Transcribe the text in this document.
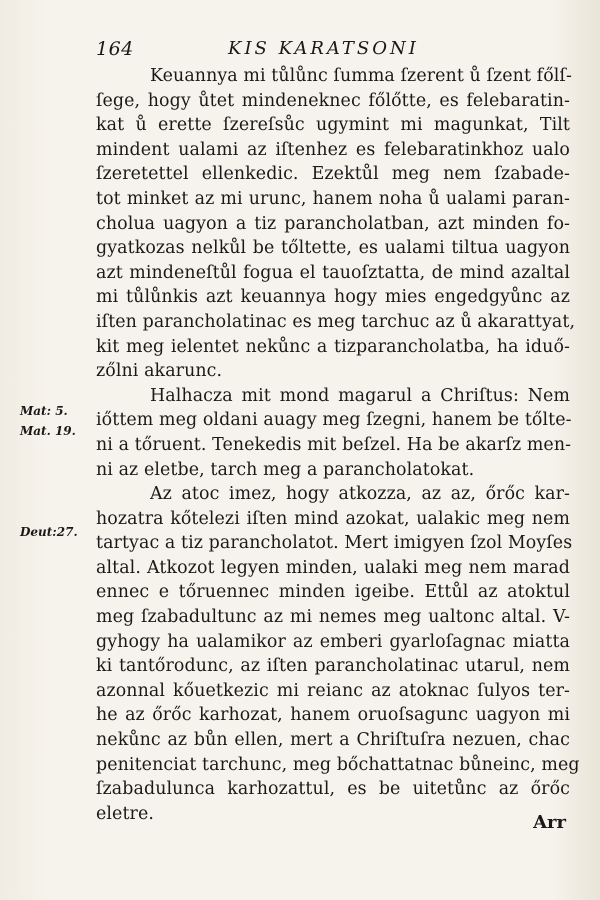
164	KIS KARATSONI
Mat: 5.
Mat. 19.
Deut:27.
Keuannya mi tůlůnc ſumma ſzerent ů ſzent főlſ-
ſege, hogy ůtet mindeneknec főlőtte, es felebaratin-
kat ů erette ſzereſsůc ugymint mi magunkat, Tilt
mindent ualami az iſtenhez es felebaratinkhoz ualo
ſzeretettel ellenkedic. Ezektůl meg nem ſzabade-
tot minket az mi urunc, hanem noha ů ualami paran-
cholua uagyon a tiz parancholatban, azt minden fo-
gyatkozas nelkůl be tőltette, es ualami tiltua uagyon
azt mindeneſtůl fogua el tauoſztatta, de mind azaltal
mi tůlůnkis azt keuannya hogy mies engedgyůnc az
iſten parancholatinac es meg tarchuc az ů akarattyat,
kit meg ielentet nekůnc a tizparancholatba, ha iduő-
zőlni akarunc.
Halhacza mit mond magarul a Chriſtus: Nem
iőttem meg oldani auagy meg ſzegni, hanem be tőlte-
ni a tőruent. Tenekedis mit beſzel. Ha be akarſz men-
ni az eletbe, tarch meg a parancholatokat.
Az atoc imez, hogy atkozza, az az, őrőc kar-
hozatra kőtelezi iſten mind azokat, ualakic meg nem
tartyac a tiz parancholatot. Mert imigyen ſzol Moyſes
altal. Atkozot legyen minden, ualaki meg nem marad
ennec e tőruennec minden igeibe. Ettůl az atoktul
meg ſzabadultunc az mi nemes meg ualtonc altal. V-
gyhogy ha ualamikor az emberi gyarloſagnac miatta
ki tantőrodunc, az iſten parancholatinac utarul, nem
azonnal kőuetkezic mi reianc az atoknac ſulyos ter-
he az őrőc karhozat, hanem oruoſsagunc uagyon mi
nekůnc az bůn ellen, mert a Chriſtuſra nezuen, chac
penitenciat tarchunc, meg bőchattatnac bůneinc, meg
ſzabadulunca karhozattul, es be uitetůnc az őrőc
eletre.	Arr
